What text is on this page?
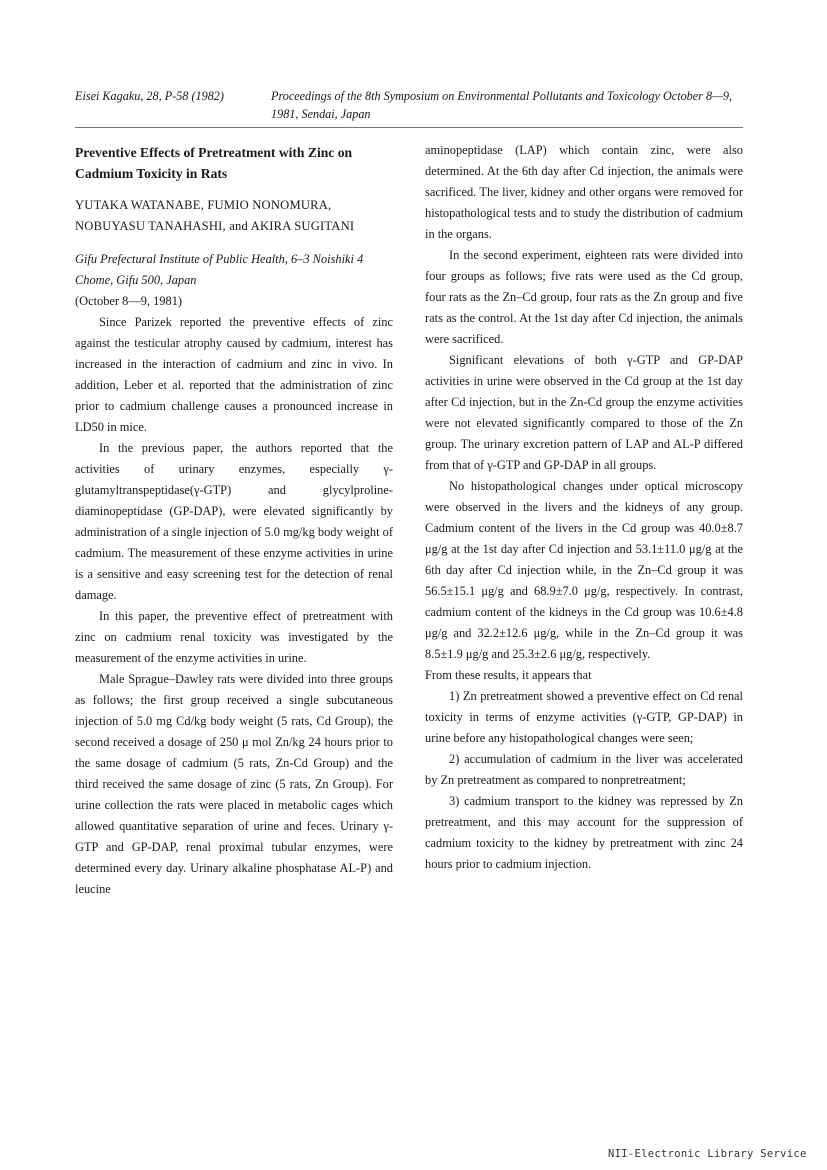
Eisei Kagaku, 28, P-58 (1982)	Proceedings of the 8th Symposium on Environmental Pollutants and Toxicology October 8—9,
1981, Sendai, Japan
Preventive Effects of Pretreatment with Zinc on Cadmium Toxicity in Rats
YUTAKA WATANABE, FUMIO NONOMURA, NOBUYASU TANAHASHI, and AKIRA SUGITANI

Gifu Prefectural Institute of Public Health, 6–3 Noishiki 4 Chome, Gifu 500, Japan

(October 8—9, 1981)

Since Parizek reported the preventive effects of zinc against the testicular atrophy caused by cadmium, interest has increased in the interaction of cadmium and zinc in vivo. In addition, Leber et al. reported that the administration of zinc prior to cadmium challenge causes a pronounced increase in LD50 in mice.

In the previous paper, the authors reported that the activities of urinary enzymes, especially γ-glutamyltranspeptidase(γ-GTP) and glycylproline-diaminopeptidase (GP-DAP), were elevated significantly by administration of a single injection of 5.0 mg/kg body weight of cadmium. The measurement of these enzyme activities in urine is a sensitive and easy screening test for the detection of renal damage.

In this paper, the preventive effect of pretreatment with zinc on cadmium renal toxicity was investigated by the measurement of the enzyme activities in urine.

Male Sprague–Dawley rats were divided into three groups as follows; the first group received a single subcutaneous injection of 5.0 mg Cd/kg body weight (5 rats, Cd Group), the second received a dosage of 250 μ mol Zn/kg 24 hours prior to the same dosage of cadmium (5 rats, Zn-Cd Group) and the third received the same dosage of zinc (5 rats, Zn Group). For urine collection the rats were placed in metabolic cages which allowed quantitative separation of urine and feces. Urinary γ-GTP and GP-DAP, renal proximal tubular enzymes, were determined every day. Urinary alkaline phosphatase AL-P) and leucine

aminopeptidase (LAP) which contain zinc, were also determined. At the 6th day after Cd injection, the animals were sacrificed. The liver, kidney and other organs were removed for histopathological tests and to study the distribution of cadmium in the organs.

In the second experiment, eighteen rats were divided into four groups as follows; five rats were used as the Cd group, four rats as the Zn–Cd group, four rats as the Zn group and five rats as the control. At the 1st day after Cd injection, the animals were sacrificed.

Significant elevations of both γ-GTP and GP-DAP activities in urine were observed in the Cd group at the 1st day after Cd injection, but in the Zn-Cd group the enzyme activities were not elevated significantly compared to those of the Zn group. The urinary excretion pattern of LAP and AL-P differed from that of γ-GTP and GP-DAP in all groups.

No histopathological changes under optical microscopy were observed in the livers and the kidneys of any group. Cadmium content of the livers in the Cd group was 40.0±8.7 μg/g at the 1st day after Cd injection and 53.1±11.0 μg/g at the 6th day after Cd injection while, in the Zn–Cd group it was 56.5±15.1 μg/g and 68.9±7.0 μg/g, respectively. In contrast, cadmium content of the kidneys in the Cd group was 10.6±4.8 μg/g and 32.2±12.6 μg/g, while in the Zn–Cd group it was 8.5±1.9 μg/g and 25.3±2.6 μg/g, respectively.

From these results, it appears that

1) Zn pretreatment showed a preventive effect on Cd renal toxicity in terms of enzyme activities (γ-GTP, GP-DAP) in urine before any histopathological changes were seen;

2) accumulation of cadmium in the liver was accelerated by Zn pretreatment as compared to nonpretreatment;

3) cadmium transport to the kidney was repressed by Zn pretreatment, and this may account for the suppression of cadmium toxicity to the kidney by pretreatment with zinc 24 hours prior to cadmium injection.

NII-Electronic Library Service
